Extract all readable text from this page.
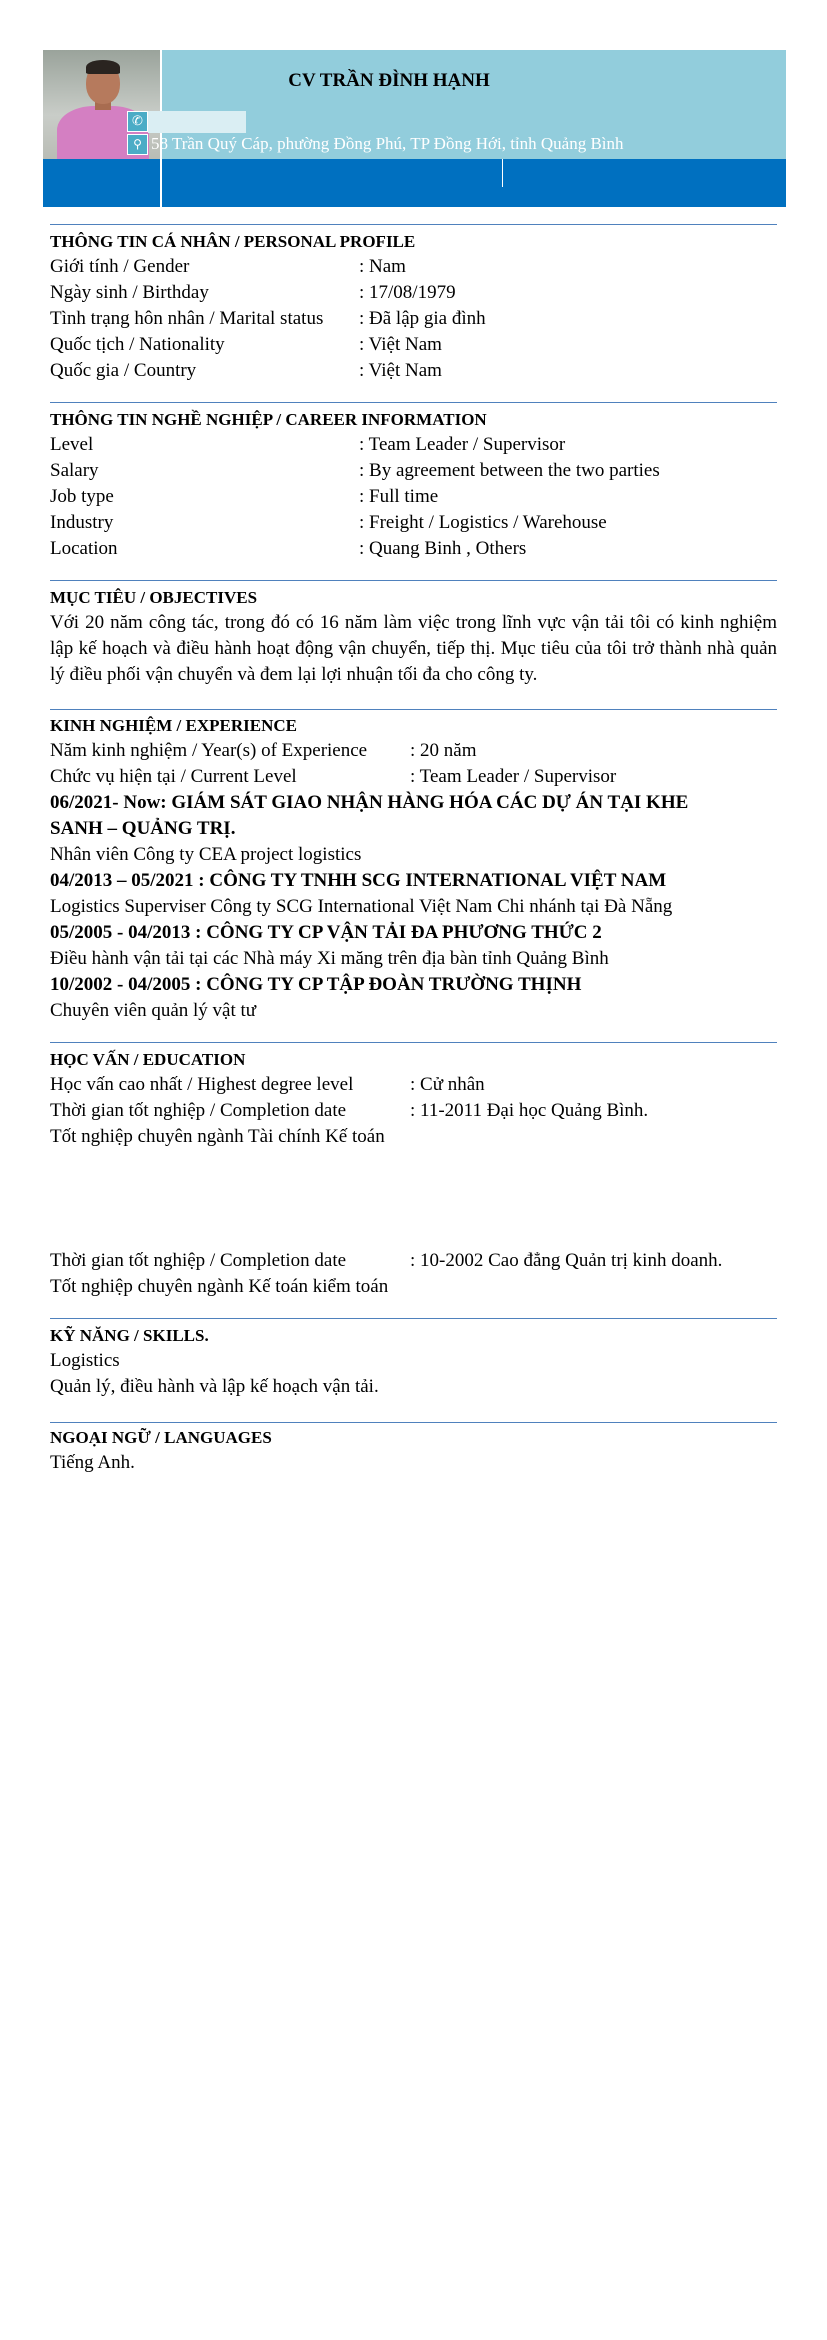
CV TRẦN ĐÌNH HẠNH
✆
⚲ 58 Trần Quý Cáp, phường Đồng Phú, TP Đồng Hới, tỉnh Quảng Bình
THÔNG TIN CÁ NHÂN / PERSONAL PROFILE
Giới tính / Gender	: Nam
Ngày sinh / Birthday	: 17/08/1979
Tình trạng hôn nhân / Marital status : Đã lập gia đình
Quốc tịch / Nationality	: Việt Nam
Quốc gia / Country	: Việt Nam
THÔNG TIN NGHỀ NGHIỆP / CAREER INFORMATION
Level	: Team Leader / Supervisor
Salary	: By agreement between the two parties
Job type	: Full time
Industry	: Freight / Logistics / Warehouse
Location	: Quang Binh , Others
MỤC TIÊU / OBJECTIVES
Với 20 năm công tác, trong đó có 16 năm làm việc trong lĩnh vực vận tải tôi có kinh nghiệm lập kế hoạch và điều hành hoạt động vận chuyển, tiếp thị. Mục tiêu của tôi trở thành nhà quản lý điều phối vận chuyển và đem lại lợi nhuận tối đa cho công ty.
KINH NGHIỆM / EXPERIENCE
Năm kinh nghiệm / Year(s) of Experience : 20 năm
Chức vụ hiện tại / Current Level	: Team Leader / Supervisor
06/2021- Now: GIÁM SÁT GIAO NHẬN HÀNG HÓA CÁC DỰ ÁN TẠI KHE
SANH – QUẢNG TRỊ.
Nhân viên Công ty CEA project logistics
04/2013 – 05/2021 : CÔNG TY TNHH SCG INTERNATIONAL VIỆT NAM
Logistics Superviser Công ty SCG International Việt Nam Chi nhánh tại Đà Nẵng
05/2005 - 04/2013 : CÔNG TY CP VẬN TẢI ĐA PHƯƠNG THỨC 2
Điều hành vận tải tại các Nhà máy Xi măng trên địa bàn tỉnh Quảng Bình
10/2002 - 04/2005 : CÔNG TY CP TẬP ĐOÀN TRƯỜNG THỊNH
Chuyên viên quản lý vật tư
HỌC VẤN / EDUCATION
Học vấn cao nhất / Highest degree level	: Cử nhân
Thời gian tốt nghiệp / Completion date	: 11-2011 Đại học Quảng Bình.
Tốt nghiệp chuyên ngành Tài chính Kế toán
Thời gian tốt nghiệp / Completion date	: 10-2002 Cao đẳng Quản trị kinh doanh.
Tốt nghiệp chuyên ngành Kế toán kiểm toán
KỸ NĂNG / SKILLS.
Logistics
Quản lý, điều hành và lập kế hoạch vận tải.
NGOẠI NGỮ / LANGUAGES
Tiếng Anh.
